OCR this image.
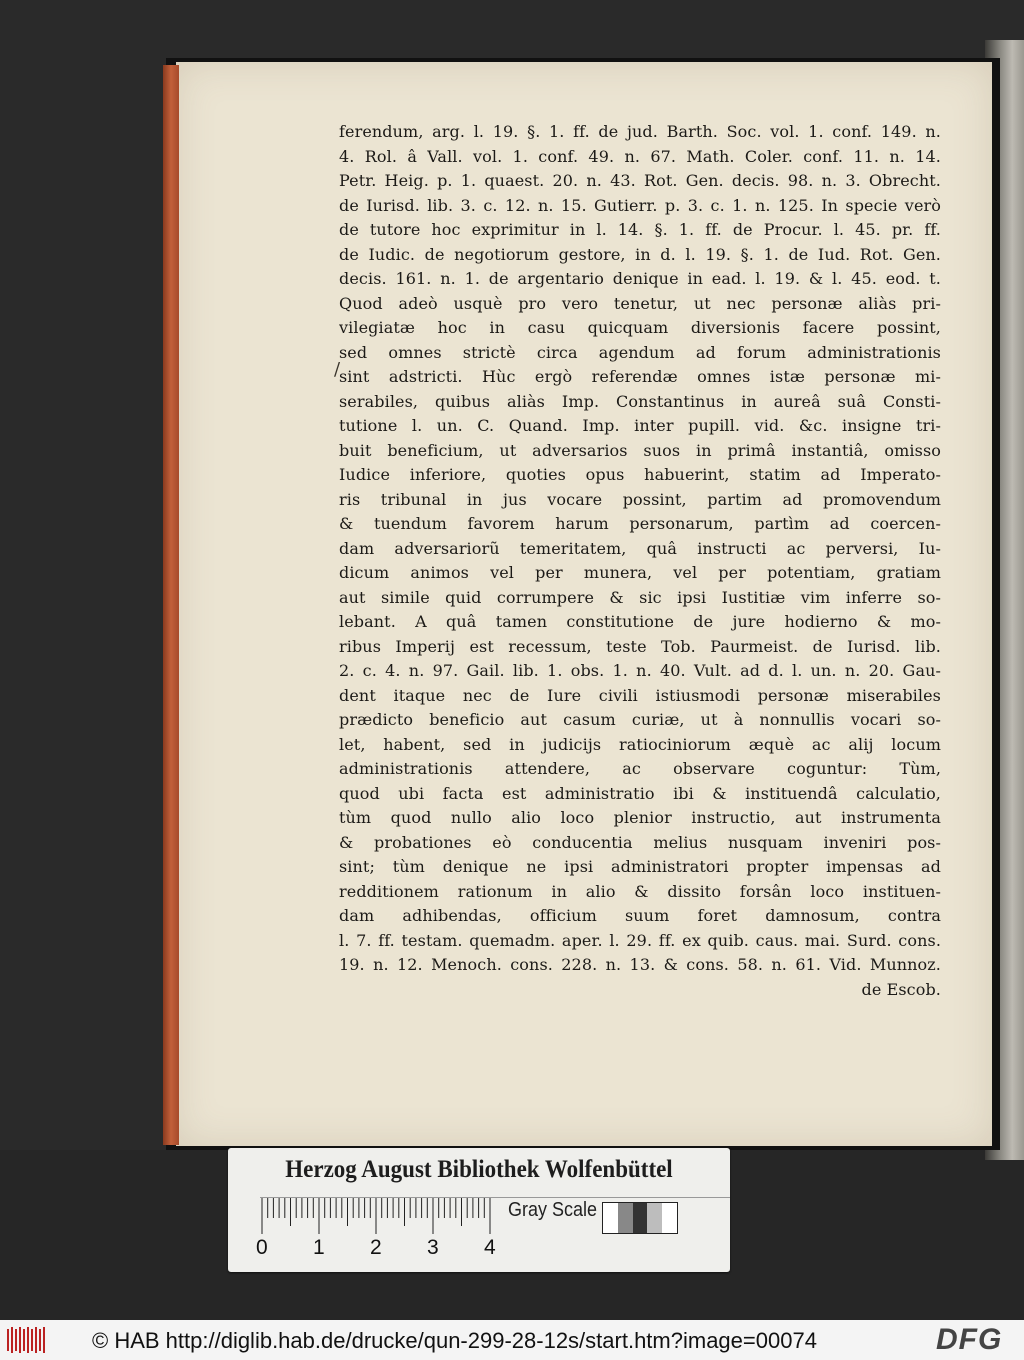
/
ferendum, arg. l. 19. §. 1. ff. de jud. Barth. Soc. vol. 1. conf. 149. n.
4. Rol. â Vall. vol. 1. conf. 49. n. 67. Math. Coler. conf. 11. n. 14.
Petr. Heig. p. 1. quaest. 20. n. 43. Rot. Gen. decis. 98. n. 3. Obrecht.
de Iurisd. lib. 3. c. 12. n. 15. Gutierr. p. 3. c. 1. n. 125. In specie verò
de tutore hoc exprimitur in l. 14. §. 1. ff. de Procur. l. 45. pr. ff.
de Iudic. de negotiorum gestore, in d. l. 19. §. 1. de Iud. Rot. Gen.
decis. 161. n. 1. de argentario denique in ead. l. 19. & l. 45. eod. t.
Quod adeò usquè pro vero tenetur, ut nec personæ aliàs pri-
vilegiatæ hoc in casu quicquam diversionis facere possint,
sed omnes strictè circa agendum ad forum administrationis
sint adstricti. Hùc ergò referendæ omnes istæ personæ mi-
serabiles, quibus aliàs Imp. Constantinus in aureâ suâ Consti-
tutione l. un. C. Quand. Imp. inter pupill. vid. &c. insigne tri-
buit beneficium, ut adversarios suos in primâ instantiâ, omisso
Iudice inferiore, quoties opus habuerint, statim ad Imperato-
ris tribunal in jus vocare possint, partim ad promovendum
& tuendum favorem harum personarum, partìm ad coercen-
dam adversariorũ temeritatem, quâ instructi ac perversi, Iu-
dicum animos vel per munera, vel per potentiam, gratiam
aut simile quid corrumpere & sic ipsi Iustitiæ vim inferre so-
lebant. A quâ tamen constitutione de jure hodierno & mo-
ribus Imperij est recessum, teste Tob. Paurmeist. de Iurisd. lib.
2. c. 4. n. 97. Gail. lib. 1. obs. 1. n. 40. Vult. ad d. l. un. n. 20. Gau-
dent itaque nec de Iure civili istiusmodi personæ miserabiles
prædicto beneficio aut casum curiæ, ut à nonnullis vocari so-
let, habent, sed in judicijs ratiociniorum æquè ac alij locum
administrationis attendere, ac observare coguntur: Tùm,
quod ubi facta est administratio ibi & instituendâ calculatio,
tùm quod nullo alio loco plenior instructio, aut instrumenta
& probationes eò conducentia melius nusquam inveniri pos-
sint; tùm denique ne ipsi administratori propter impensas ad
redditionem rationum in alio & dissito forsân loco instituen-
dam adhibendas, officium suum foret damnosum, contra
l. 7. ff. testam. quemadm. aper. l. 29. ff. ex quib. caus. mai. Surd. cons.
19. n. 12. Menoch. cons. 228. n. 13. & cons. 58. n. 61. Vid. Munnoz.
de Escob.
Herzog August Bibliothek Wolfenbüttel
0 1 2 3 4
Gray Scale
© HAB http://diglib.hab.de/drucke/qun-299-28-12s/start.htm?image=00074	DFG
